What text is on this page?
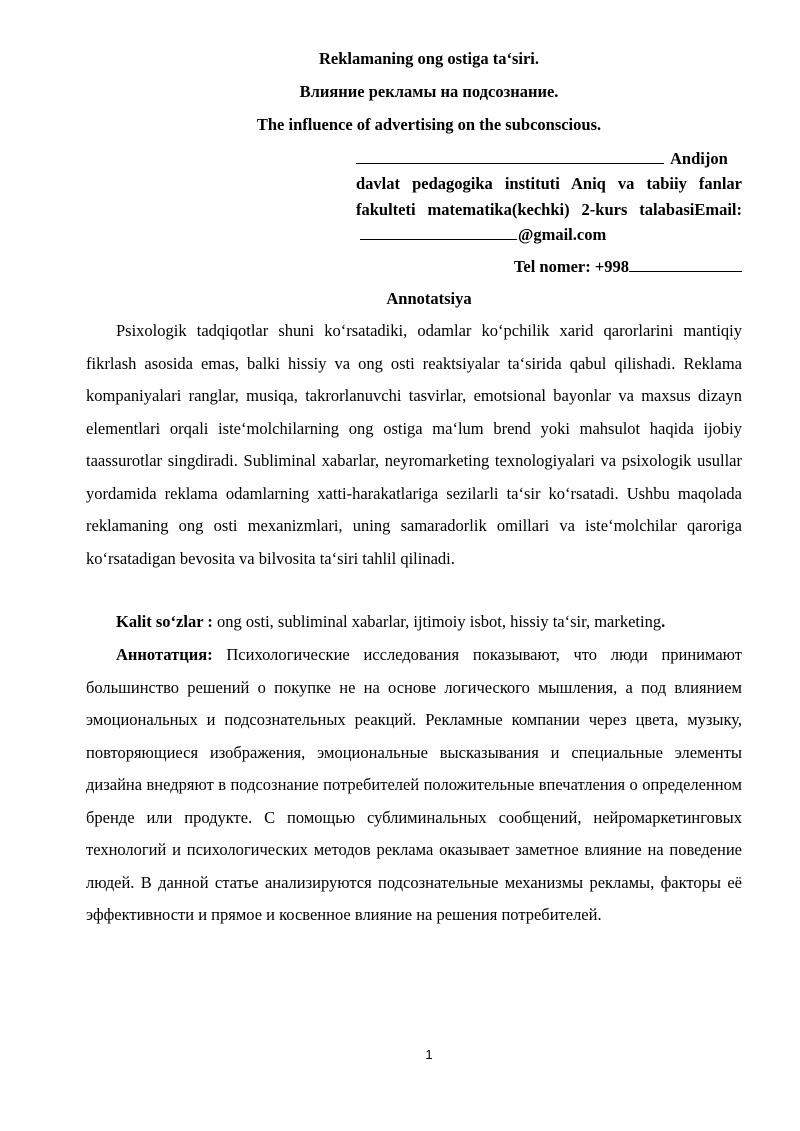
Reklamaning ong ostiga ta‘siri.
Влияние рекламы на подсознание.
The influence of advertising on the subconscious.
Andijon davlat pedagogika instituti Aniq va tabiiy fanlar fakulteti matematika(kechki) 2-kurs talabasiEmail: @gmail.com
Tel nomer: +998
Annotatsiya

Psixologik tadqiqotlar shuni ko‘rsatadiki, odamlar ko‘pchilik xarid qarorlarini mantiqiy fikrlash asosida emas, balki hissiy va ong osti reaktsiyalar ta‘sirida qabul qilishadi. Reklama kompaniyalari ranglar, musiqa, takrorlanuvchi tasvirlar, emotsional bayonlar va maxsus dizayn elementlari orqali iste‘molchilarning ong ostiga ma‘lum brend yoki mahsulot haqida ijobiy taassurotlar singdiradi. Subliminal xabarlar, neyromarketing texnologiyalari va psixologik usullar yordamida reklama odamlarning xatti-harakatlariga sezilarli ta‘sir ko‘rsatadi. Ushbu maqolada reklamaning ong osti mexanizmlari, uning samaradorlik omillari va iste‘molchilar qaroriga ko‘rsatadigan bevosita va bilvosita ta‘siri tahlil qilinadi.

Kalit so‘zlar : ong osti, subliminal xabarlar, ijtimoiy isbot, hissiy ta‘sir, marketing.

Аннотатция: Психологические исследования показывают, что люди принимают большинство решений о покупке не на основе логического мышления, а под влиянием эмоциональных и подсознательных реакций. Рекламные компании через цвета, музыку, повторяющиеся изображения, эмоциональные высказывания и специальные элементы дизайна внедряют в подсознание потребителей положительные впечатления о определенном бренде или продукте. С помощью сублиминальных сообщений, нейромаркетинговых технологий и психологических методов реклама оказывает заметное влияние на поведение людей. В данной статье анализируются подсознательные механизмы рекламы, факторы её эффективности и прямое и косвенное влияние на решения потребителей.

1
